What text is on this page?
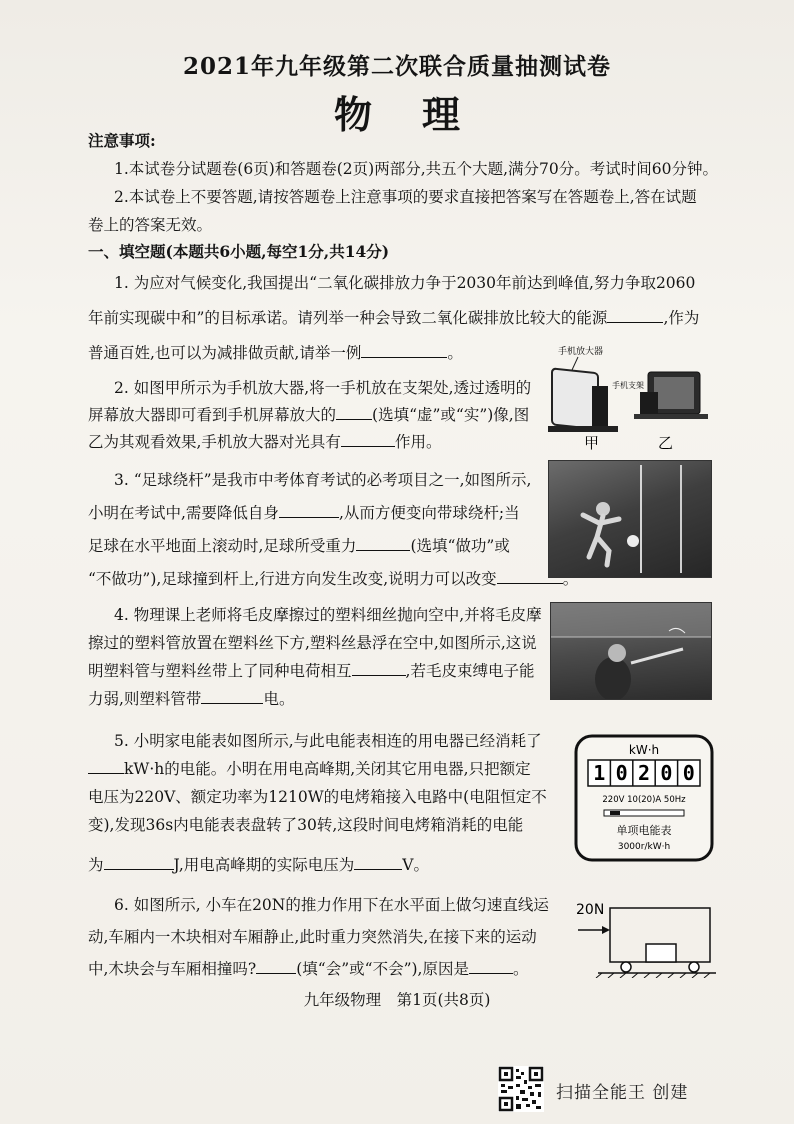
2021年九年级第二次联合质量抽测试卷
物理
注意事项:
1.本试卷分试题卷(6页)和答题卷(2页)两部分,共五个大题,满分70分。考试时间60分钟。
2.本试卷上不要答题,请按答题卷上注意事项的要求直接把答案写在答题卷上,答在试题
卷上的答案无效。
一、填空题(本题共6小题,每空1分,共14分)
1. 为应对气候变化,我国提出“二氧化碳排放力争于2030年前达到峰值,努力争取2060
年前实现碳中和”的目标承诺。请列举一种会导致二氧化碳排放比较大的能源	,作为
普通百姓,也可以为减排做贡献,请举一例	。
2. 如图甲所示为手机放大器,将一手机放在支架处,透过透明的
屏幕放大器即可看到手机屏幕放大的 (选填“虚”或“实”)像,图
乙为其观看效果,手机放大器对光具有	作用。
手机放大器
手机支架
甲	乙
3. “足球绕杆”是我市中考体育考试的必考项目之一,如图所示,
小明在考试中,需要降低自身	,从而方便变向带球绕杆;当
足球在水平地面上滚动时,足球所受重力	(选填“做功”或
“不做功”),足球撞到杆上,行进方向发生改变,说明力可以改变
4. 物理课上老师将毛皮摩擦过的塑料细丝抛向空中,并将毛皮摩
擦过的塑料管放置在塑料丝下方,塑料丝悬浮在空中,如图所示,这说
明塑料管与塑料丝带上了同种电荷相互	,若毛皮束缚电子能
力弱,则塑料管带	电。
5. 小明家电能表如图所示,与此电能表相连的用电器已经消耗了
kW·h的电能。小明在用电高峰期,关闭其它用电器,只把额定
电压为220V、额定功率为1210W的电烤箱接入电路中(电阻恒定不
变),发现36s内电能表表盘转了30转,这段时间电烤箱消耗的电能
为	J,用电高峰期的实际电压为	V。
kW·h
1 0 2 0 0
220V 10(20)A 50Hz
单项电能表
3000r/kW·h
6. 如图所示, 小车在20N的推力作用下在水平面上做匀速直线运
动,车厢内一木块相对车厢静止,此时重力突然消失,在接下来的运动
中,木块会与车厢相撞吗?	(填“会”或“不会”),原因是	。
20N
九年级物理　第1页(共8页)
扫描全能王 创建
